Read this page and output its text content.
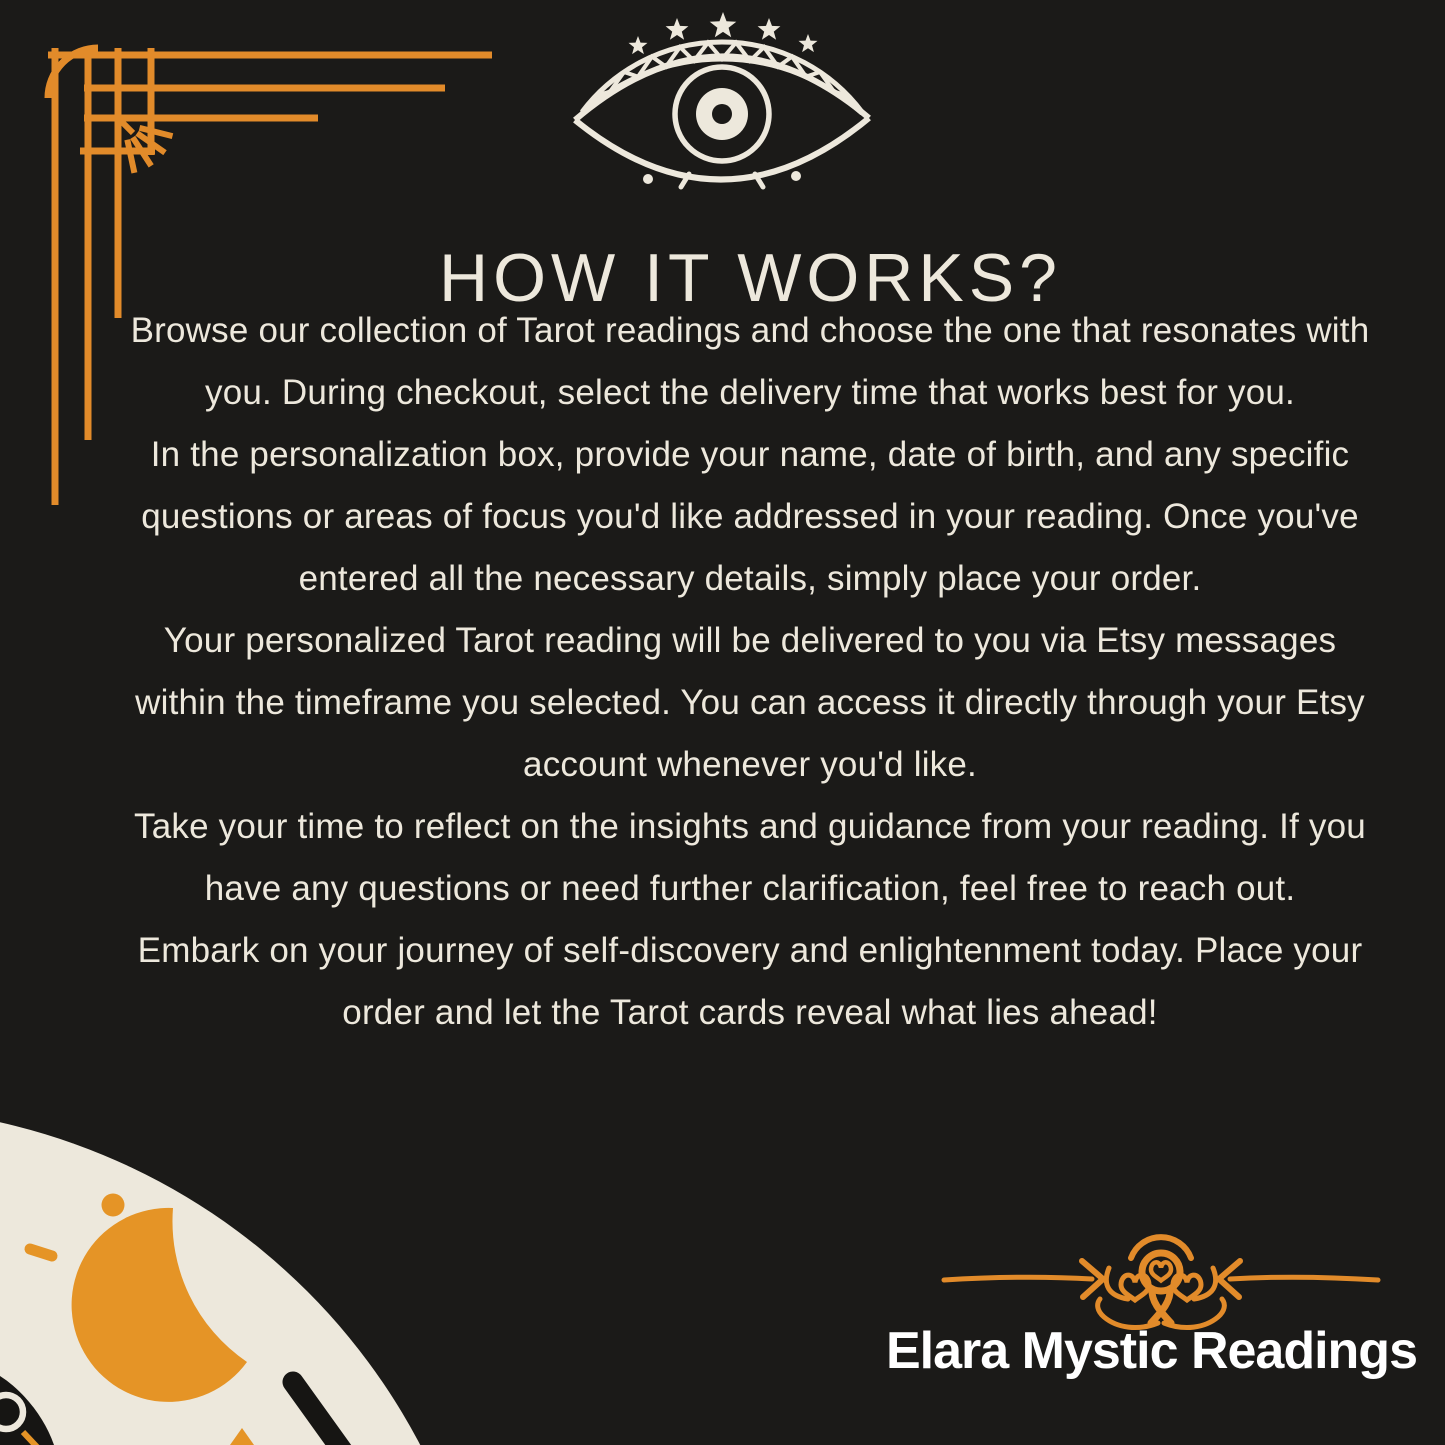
HOW IT WORKS?

Browse our collection of Tarot readings and choose the one that resonates with you. During checkout, select the delivery time that works best for you.

In the personalization box, provide your name, date of birth, and any specific questions or areas of focus you'd like addressed in your reading. Once you've entered all the necessary details, simply place your order.

Your personalized Tarot reading will be delivered to you via Etsy messages within the timeframe you selected. You can access it directly through your Etsy account whenever you'd like.

Take your time to reflect on the insights and guidance from your reading. If you have any questions or need further clarification, feel free to reach out.

Embark on your journey of self-discovery and enlightenment today. Place your order and let the Tarot cards reveal what lies ahead!

Elara Mystic Readings
